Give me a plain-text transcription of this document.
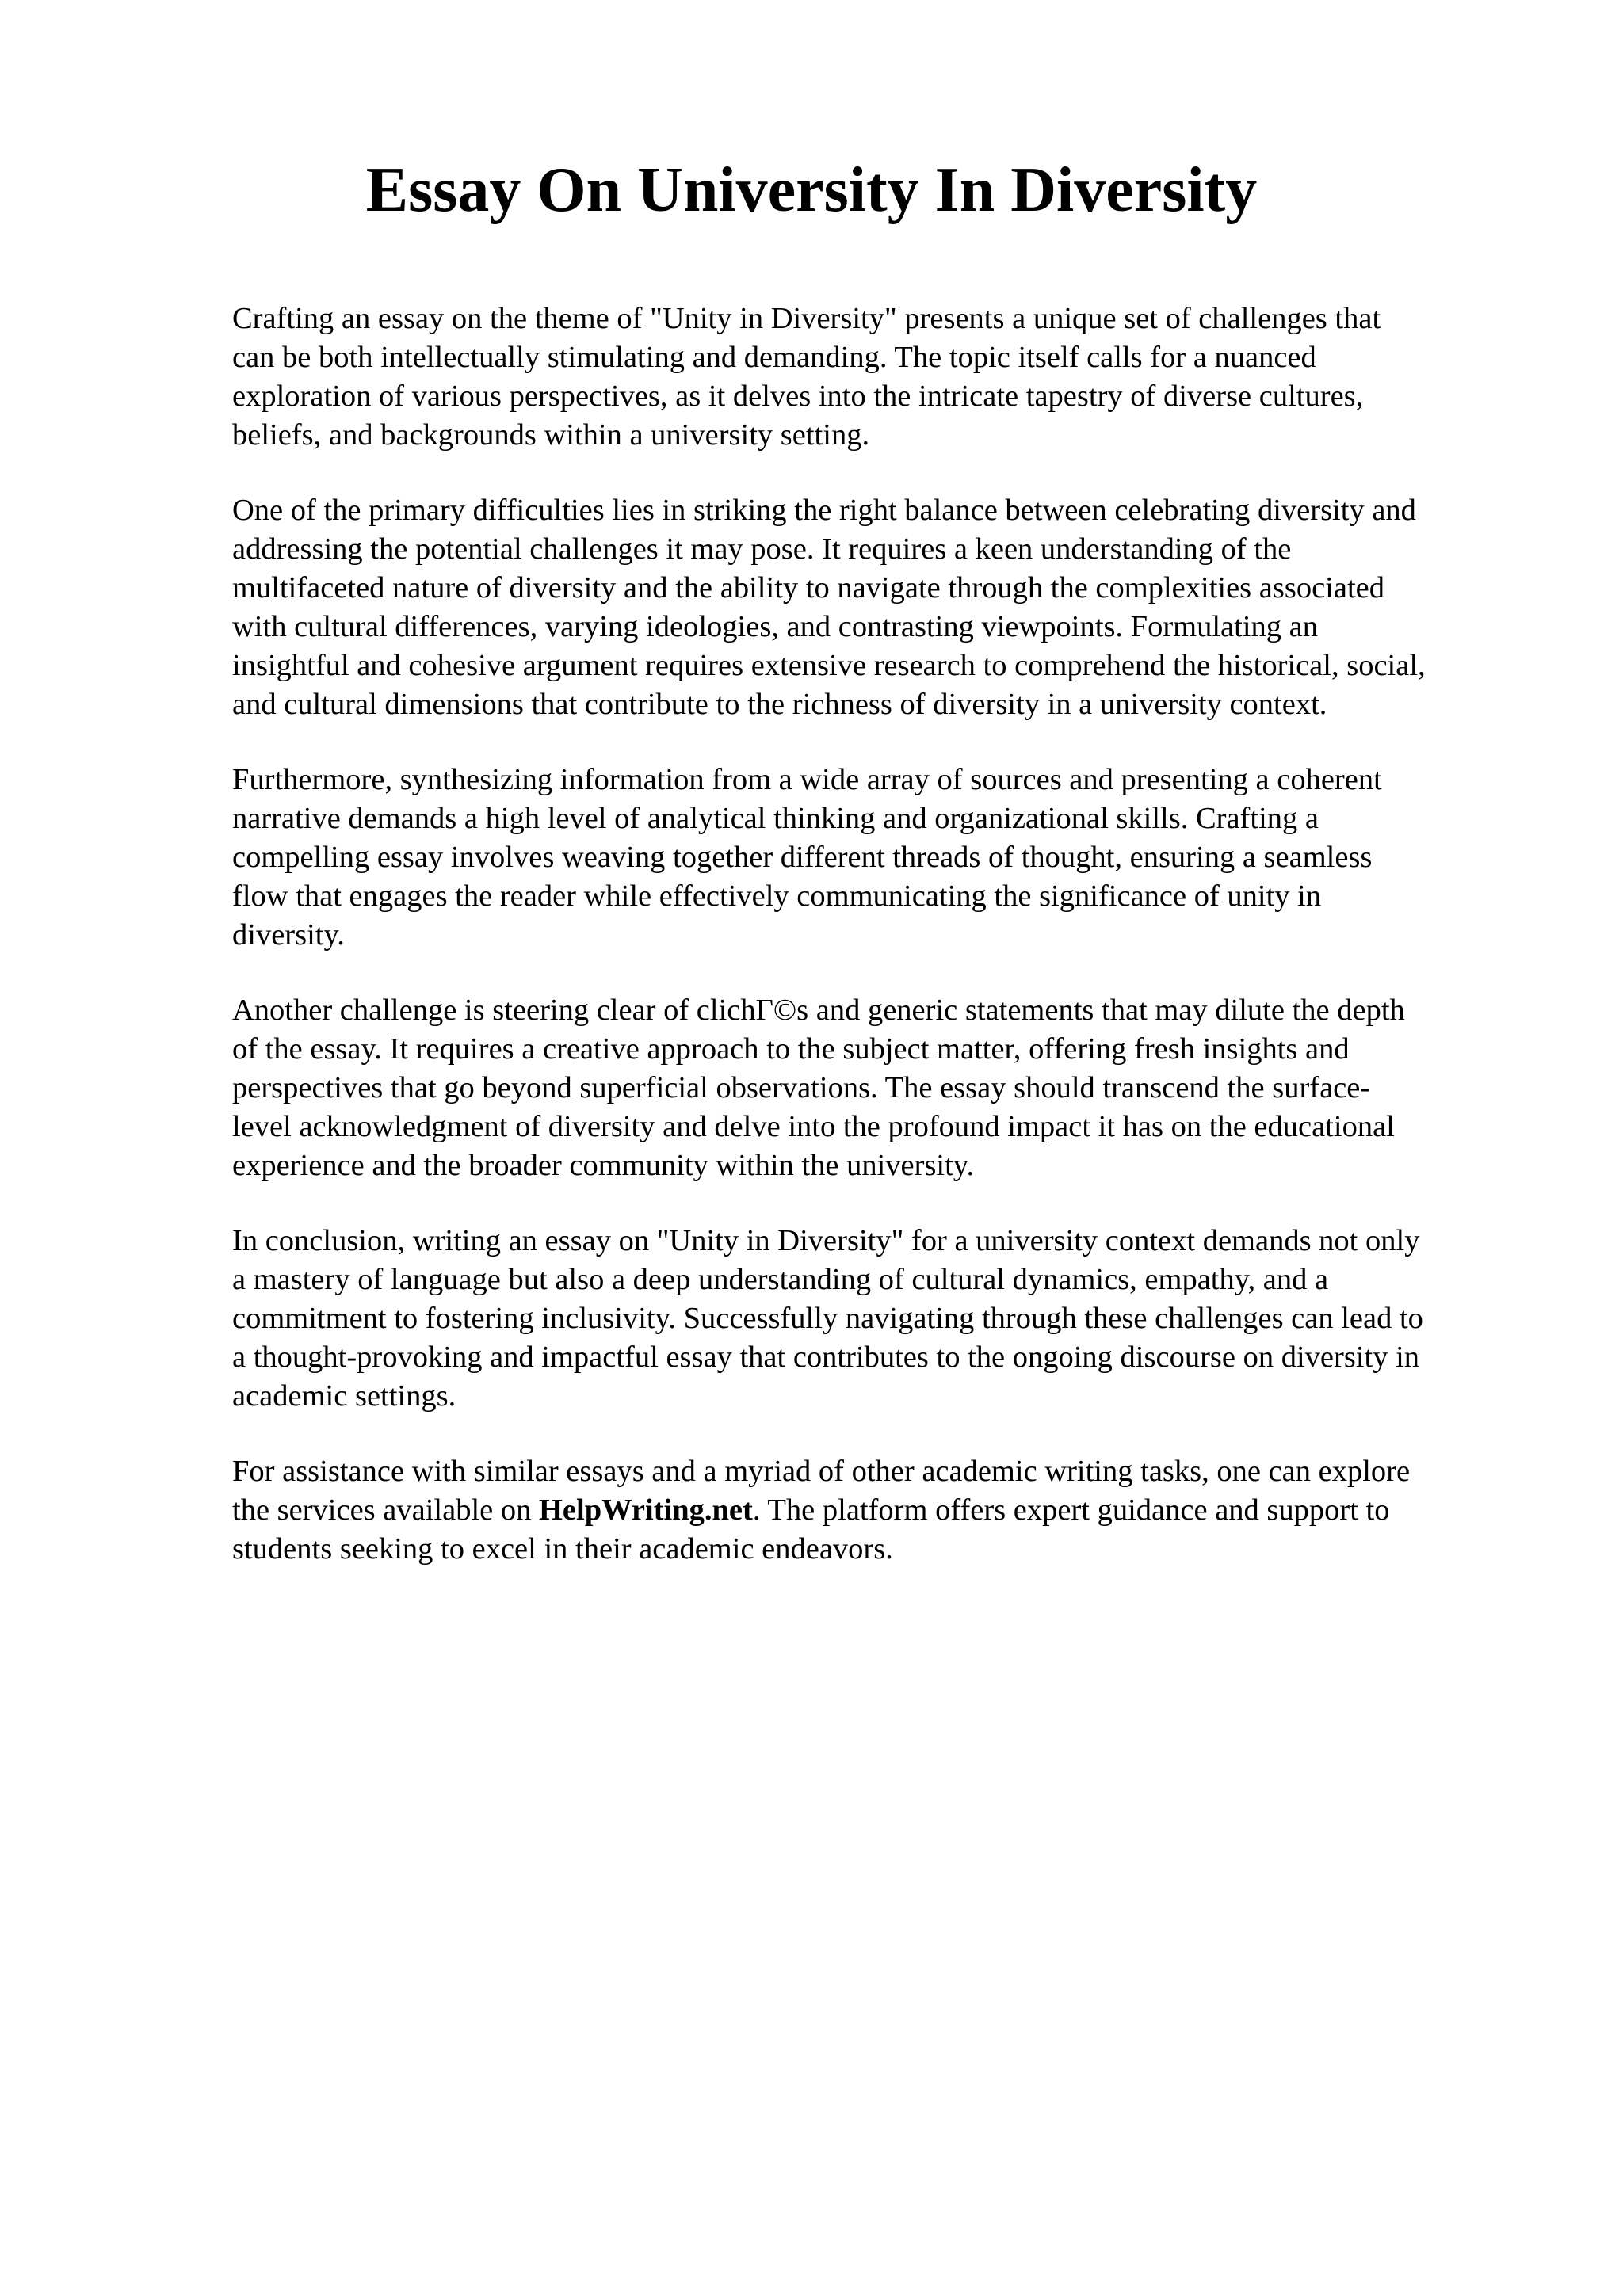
Essay On University In Diversity

Crafting an essay on the theme of "Unity in Diversity" presents a unique set of challenges that
can be both intellectually stimulating and demanding. The topic itself calls for a nuanced
exploration of various perspectives, as it delves into the intricate tapestry of diverse cultures,
beliefs, and backgrounds within a university setting.

One of the primary difficulties lies in striking the right balance between celebrating diversity and
addressing the potential challenges it may pose. It requires a keen understanding of the
multifaceted nature of diversity and the ability to navigate through the complexities associated
with cultural differences, varying ideologies, and contrasting viewpoints. Formulating an
insightful and cohesive argument requires extensive research to comprehend the historical, social,
and cultural dimensions that contribute to the richness of diversity in a university context.

Furthermore, synthesizing information from a wide array of sources and presenting a coherent
narrative demands a high level of analytical thinking and organizational skills. Crafting a
compelling essay involves weaving together different threads of thought, ensuring a seamless
flow that engages the reader while effectively communicating the significance of unity in
diversity.

Another challenge is steering clear of clichΓ©s and generic statements that may dilute the depth
of the essay. It requires a creative approach to the subject matter, offering fresh insights and
perspectives that go beyond superficial observations. The essay should transcend the surface-
level acknowledgment of diversity and delve into the profound impact it has on the educational
experience and the broader community within the university.

In conclusion, writing an essay on "Unity in Diversity" for a university context demands not only
a mastery of language but also a deep understanding of cultural dynamics, empathy, and a
commitment to fostering inclusivity. Successfully navigating through these challenges can lead to
a thought-provoking and impactful essay that contributes to the ongoing discourse on diversity in
academic settings.

For assistance with similar essays and a myriad of other academic writing tasks, one can explore
the services available on HelpWriting.net. The platform offers expert guidance and support to
students seeking to excel in their academic endeavors.
